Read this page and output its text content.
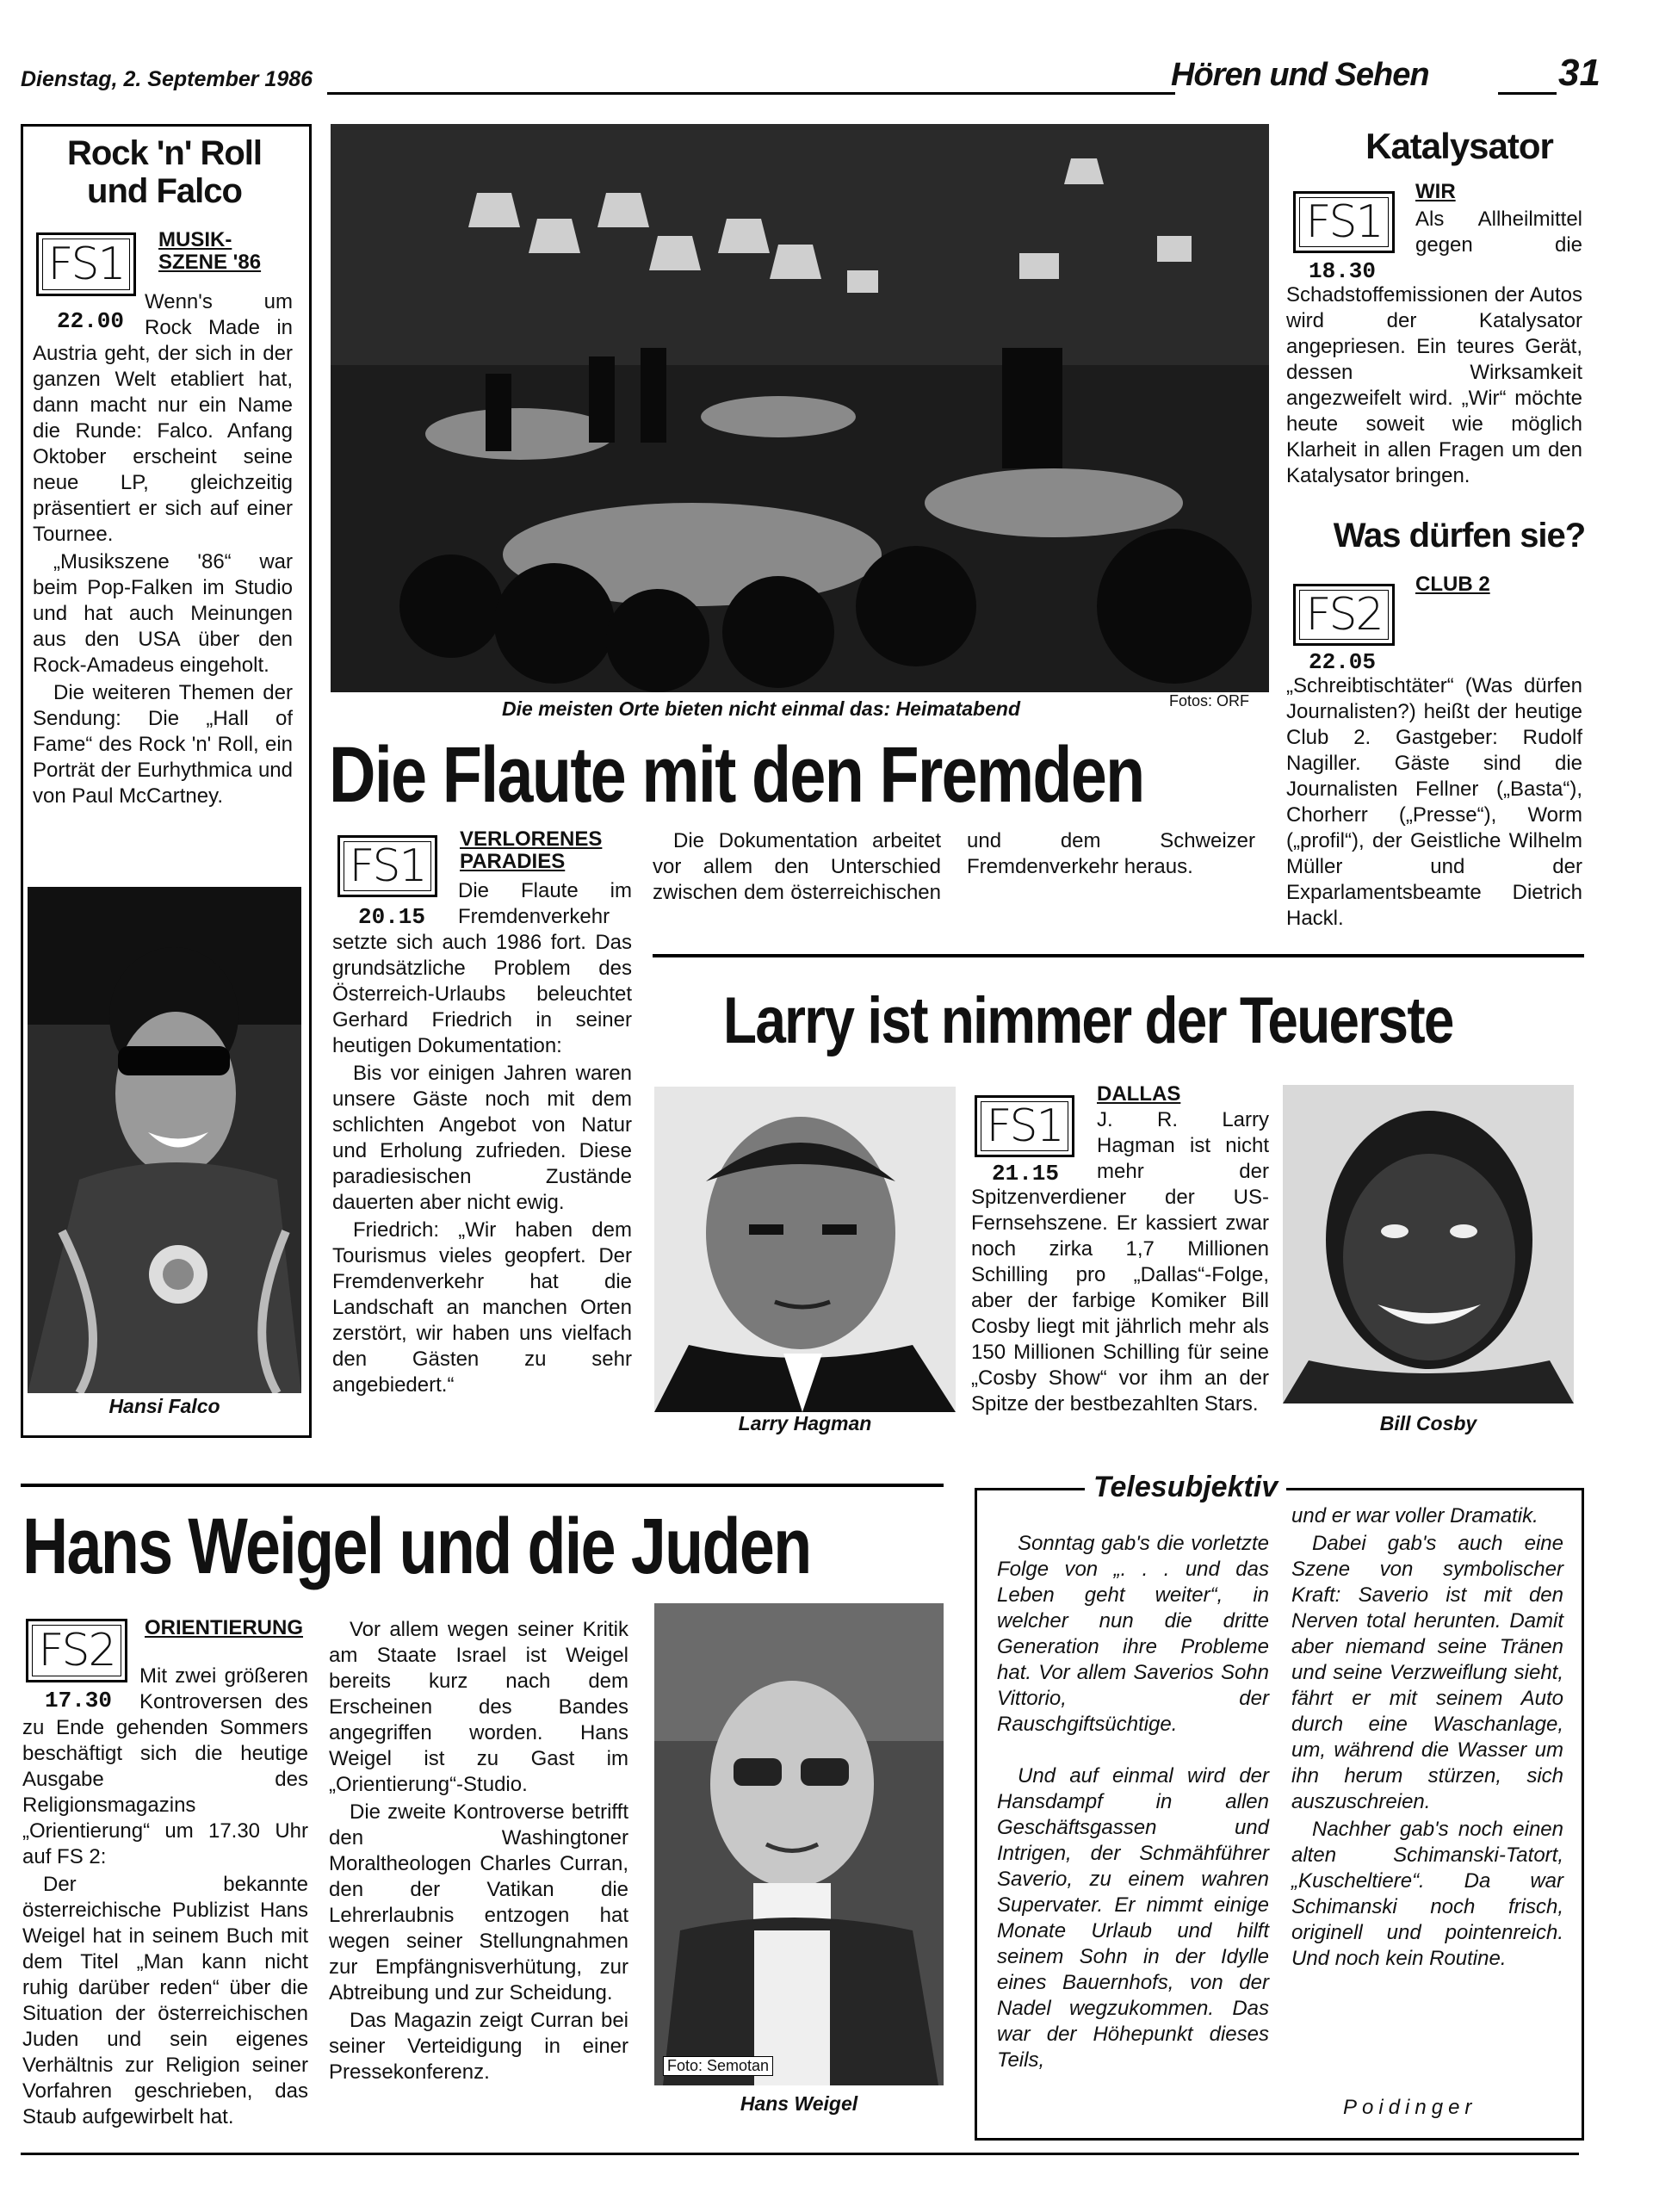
Dienstag, 2. September 1986	Hören und Sehen	31
Rock 'n' Roll
und Falco
FS1 MUSIK-SZENE '86
22.00

Wenn's um Rock Made in Austria geht, der sich in der ganzen Welt etabliert hat, dann macht nur ein Name die Runde: Falco. Anfang Oktober erscheint seine neue LP, gleichzeitig präsentiert er sich auf einer Tournee.

„Musikszene '86“ war beim Pop-Falken im Studio und hat auch Meinungen aus den USA über den Rock-Amadeus eingeholt.

Die weiteren Themen der Sendung: Die „Hall of Fame“ des Rock 'n' Roll, ein Porträt der Eurhythmica und von Paul McCartney.

Hansi Falco
Die meisten Orte bieten nicht einmal das: Heimatabend	Fotos: ORF
Die Flaute mit den Fremden
FS1
VERLORENES PARADIES
20.15

Die Flaute im Fremdenverkehr setzte sich auch 1986 fort. Das grundsätzliche Problem des Österreich-Urlaubs beleuchtet Gerhard Friedrich in seiner heutigen Dokumentation:

Bis vor einigen Jahren waren unsere Gäste noch mit dem schlichten Angebot von Natur und Erholung zufrieden. Diese paradiesischen Zustände dauerten aber nicht ewig.

Friedrich: „Wir haben dem Tourismus vieles geopfert. Der Fremdenverkehr hat die Landschaft an manchen Orten zerstört, wir haben uns vielfach den Gästen zu sehr angebiedert.“

Die Dokumentation arbeitet vor allem den Unterschied zwischen dem österreichischen und dem Schweizer Fremdenverkehr heraus.

Katalysator
FS1
WIR
18.30

Als Allheilmittel gegen die Schadstoffemissionen der Autos wird der Katalysator angepriesen. Ein teures Gerät, dessen Wirksamkeit angezweifelt wird. „Wir“ möchte heute soweit wie möglich Klarheit in allen Fragen um den Katalysator bringen.

Was dürfen sie?
FS2
CLUB 2
22.05

„Schreibtischtäter“ (Was dürfen Journalisten?) heißt der heutige Club 2. Gastgeber: Rudolf Nagiller. Gäste sind die Journalisten Fellner („Basta“), Chorherr („Presse“), Worm („profil“), der Geistliche Wilhelm Müller und der Exparlamentsbeamte Dietrich Hackl.

Larry ist nimmer der Teuerste
Larry Hagman
FS1
DALLAS
21.15

J. R. Larry Hagman ist nicht mehr der Spitzenverdiener der US-Fernsehszene. Er kassiert zwar noch zirka 1,7 Millionen Schilling pro „Dallas“-Folge, aber der farbige Komiker Bill Cosby liegt mit jährlich mehr als 150 Millionen Schilling für seine „Cosby Show“ vor ihm an der Spitze der bestbezahlten Stars.

Bill Cosby
Hans Weigel und die Juden
FS2 ORIENTIERUNG
17.30

Mit zwei größeren Kontroversen des zu Ende gehenden Sommers beschäftigt sich die heutige Ausgabe des Religionsmagazins „Orientierung“ um 17.30 Uhr auf FS 2:

Der bekannte österreichische Publizist Hans Weigel hat in seinem Buch mit dem Titel „Man kann nicht ruhig darüber reden“ über die Situation der österreichischen Juden und sein eigenes Verhältnis zur Religion seiner Vorfahren geschrieben, das Staub aufgewirbelt hat.

Vor allem wegen seiner Kritik am Staate Israel ist Weigel bereits kurz nach dem Erscheinen des Bandes angegriffen worden. Hans Weigel ist zu Gast im „Orientierung“-Studio.

Die zweite Kontroverse betrifft den Washingtoner Moraltheologen Charles Curran, den der Vatikan die Lehrerlaubnis entzogen hat wegen seiner Stellungnahmen zur Empfängnisverhütung, zur Abtreibung und zur Scheidung.

Das Magazin zeigt Curran bei seiner Verteidigung in einer Pressekonferenz.	Foto: Semotan
Hans Weigel
Telesubjektiv

Sonntag gab's die vorletzte Folge von „. . . und das Leben geht weiter“, in welcher nun die dritte Generation ihre Probleme hat. Vor allem Saverios Sohn Vittorio, der Rauschgiftsüchtige.

Und auf einmal wird der Hansdampf in allen Geschäftsgassen und Intrigen, der Schmähführer Saverio, zu einem wahren Supervater. Er nimmt einige Monate Urlaub und hilft seinem Sohn in der Idylle eines Bauernhofs, von der Nadel wegzukommen. Das war der Höhepunkt dieses Teils,

und er war voller Dramatik.

Dabei gab's auch eine Szene von symbolischer Kraft: Saverio ist mit den Nerven total herunten. Damit aber niemand seine Tränen und seine Verzweiflung sieht, fährt er mit seinem Auto durch eine Waschanlage, um, während die Wasser um ihn herum stürzen, sich auszuschreien.

Nachher gab's noch einen alten Schimanski-Tatort, „Kuscheltiere“. Da war Schimanski noch frisch, originell und pointenreich. Und noch kein Routine.

Poidinger
